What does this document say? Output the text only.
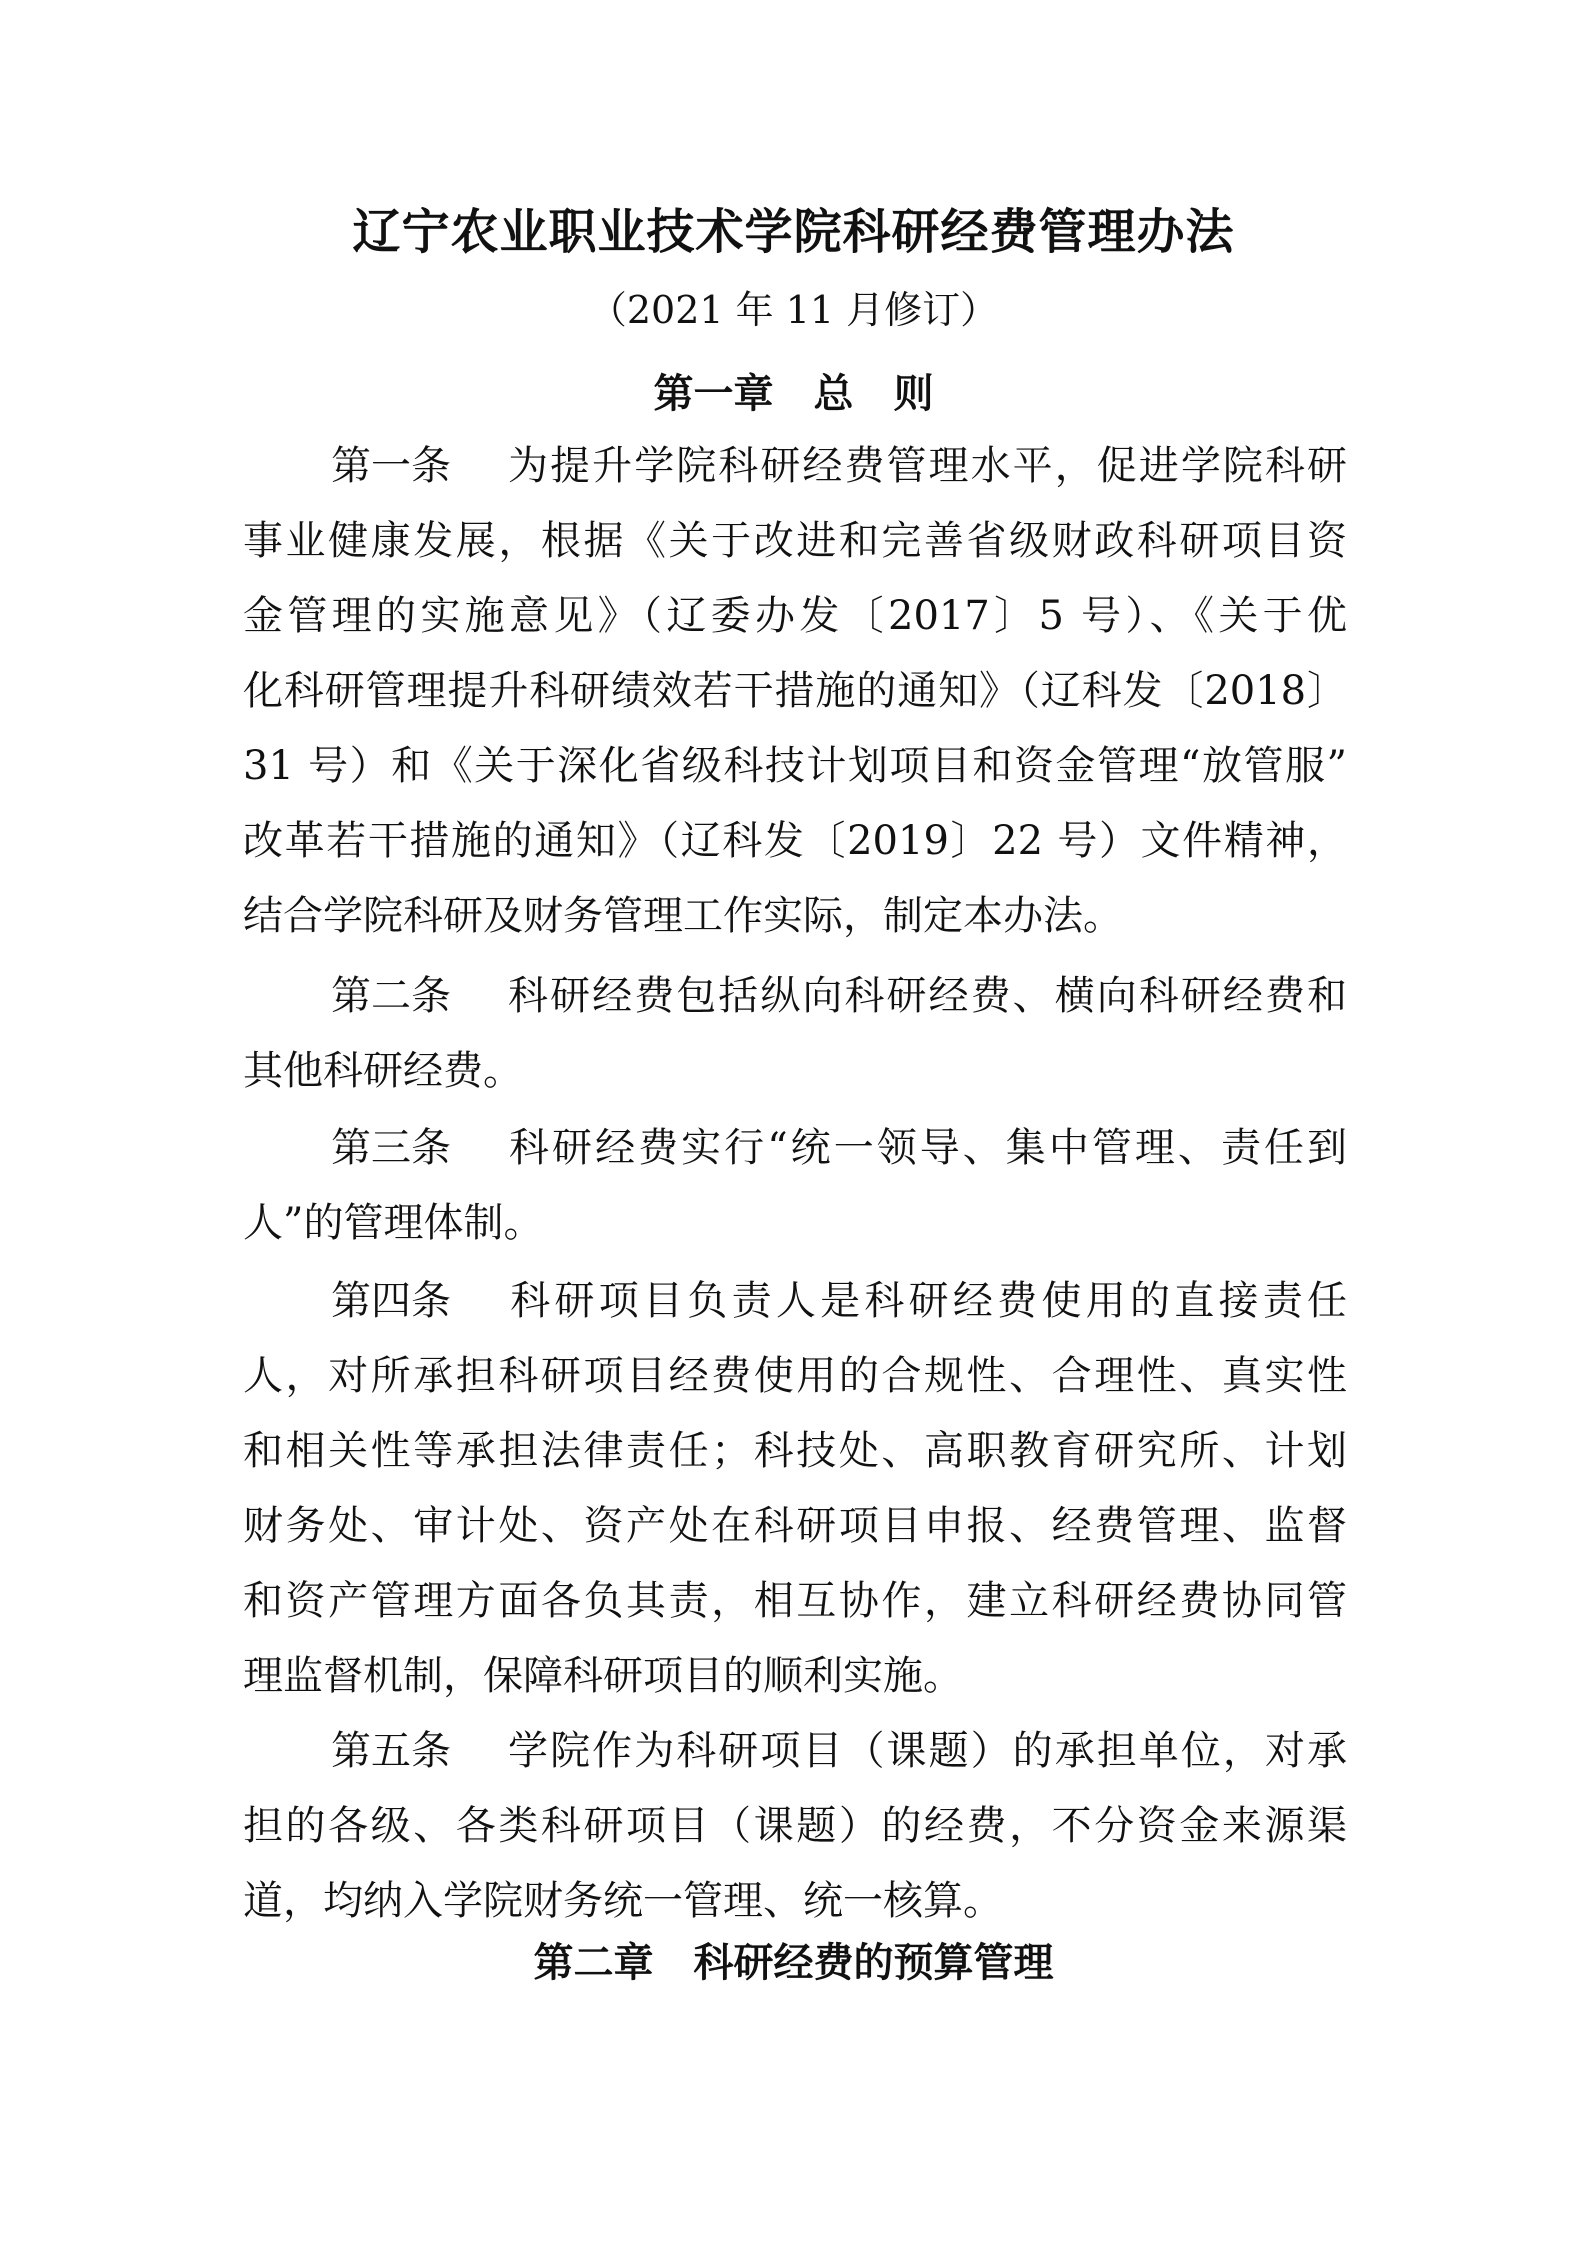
辽宁农业职业技术学院科研经费管理办法
（2021 年 11 月修订）
第一章 总　则
第一条 为提升学院科研经费管理水平，促进学院科研
事业健康发展，根据《关于改进和完善省级财政科研项目资
金管理的实施意见》（辽委办发〔2017〕5 号）、《关于优
化科研管理提升科研绩效若干措施的通知》（辽科发〔2018〕
31 号）和《关于深化省级科技计划项目和资金管理“放管服”
改革若干措施的通知》（辽科发〔2019〕22 号）文件精神，
结合学院科研及财务管理工作实际，制定本办法。
第二条 科研经费包括纵向科研经费、横向科研经费和
其他科研经费。
第三条 科研经费实行“统一领导、集中管理、责任到
人”的管理体制。
第四条 科研项目负责人是科研经费使用的直接责任
人，对所承担科研项目经费使用的合规性、合理性、真实性
和相关性等承担法律责任；科技处、高职教育研究所、计划
财务处、审计处、资产处在科研项目申报、经费管理、监督
和资产管理方面各负其责，相互协作，建立科研经费协同管
理监督机制，保障科研项目的顺利实施。
第五条 学院作为科研项目（课题）的承担单位，对承
担的各级、各类科研项目（课题）的经费，不分资金来源渠
道，均纳入学院财务统一管理、统一核算。
第二章 科研经费的预算管理
